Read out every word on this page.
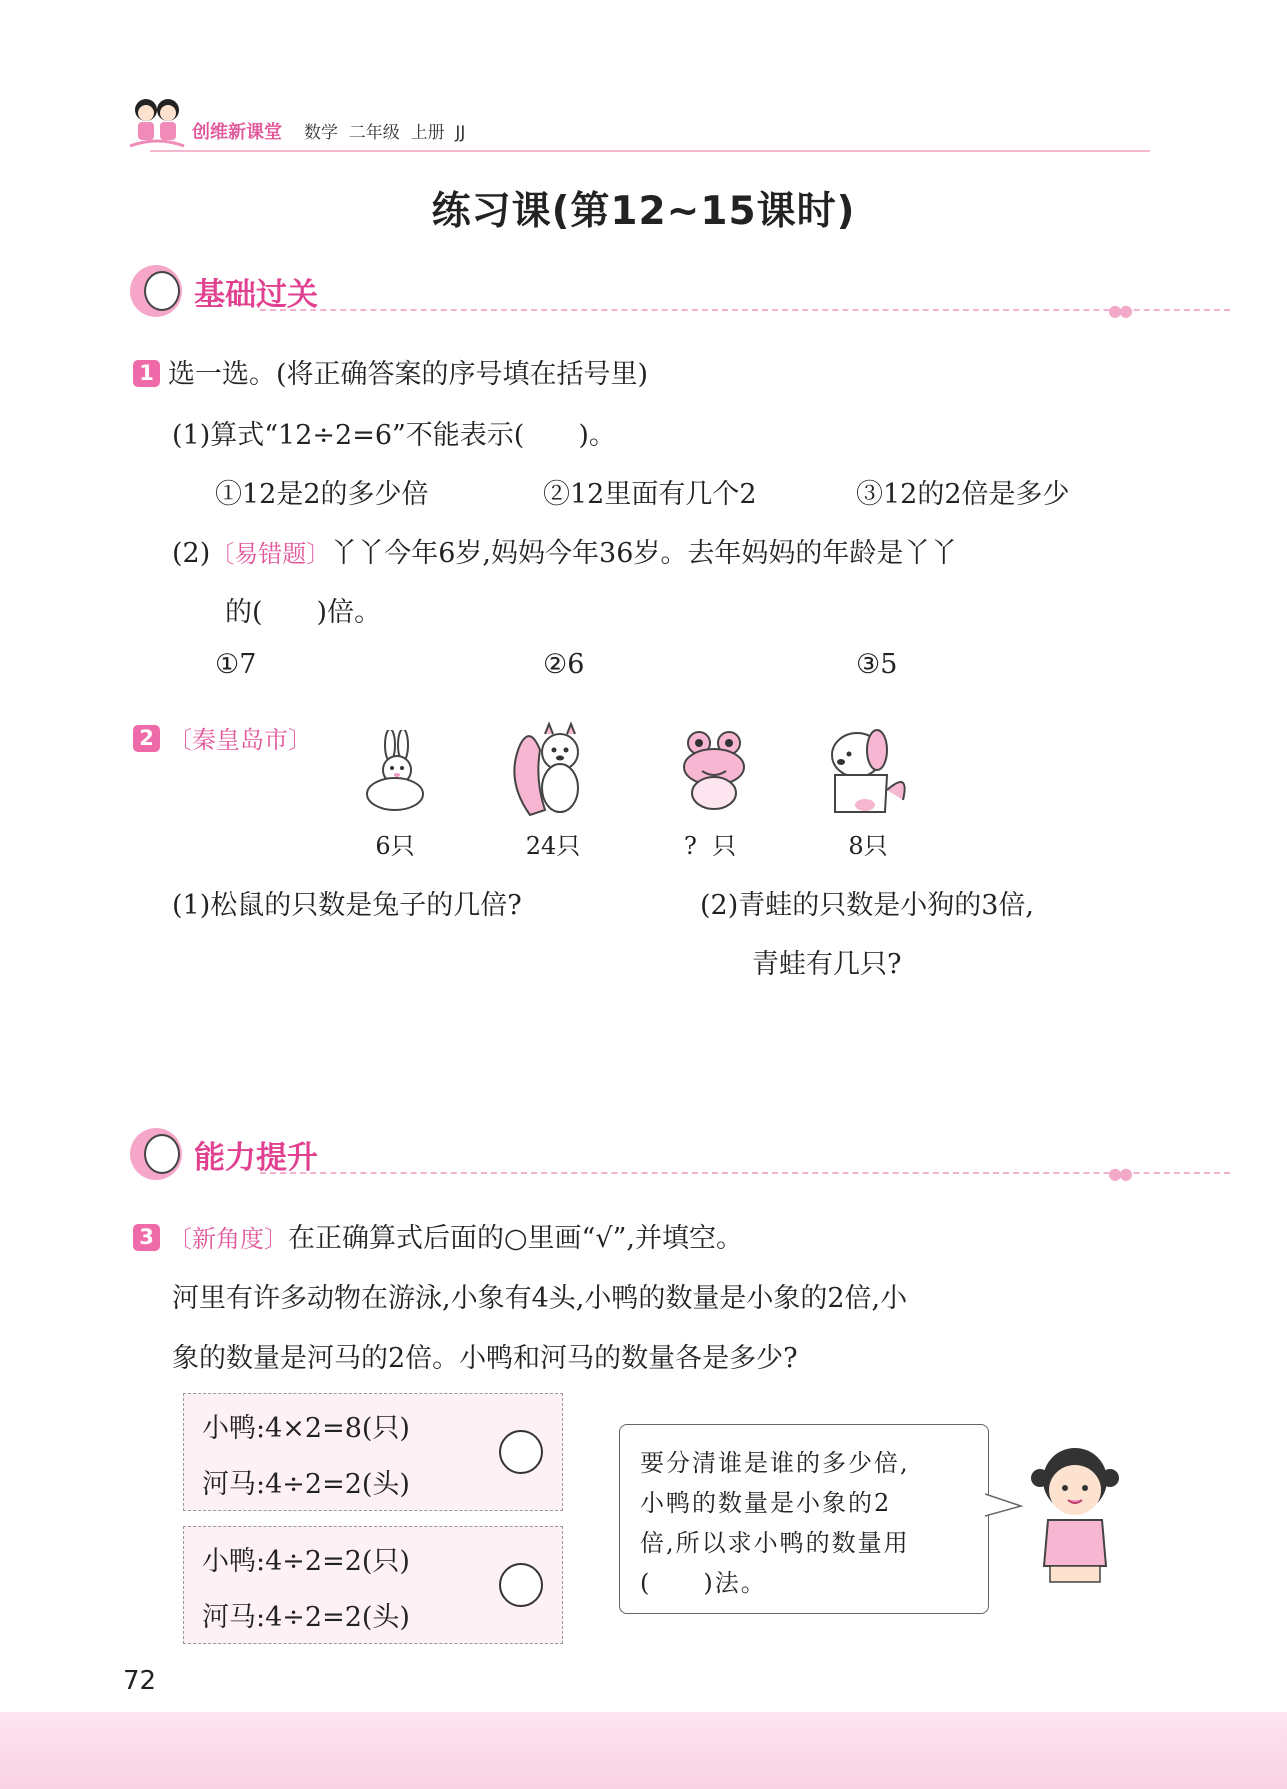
创维新课堂 数学  二年级  上册  JJ
练习课(第12~15课时)
基础过关	●●
1 选一选。(将正确答案的序号填在括号里)
(1)算式“12÷2=6”不能表示(　　)。
①12是2的多少倍	②12里面有几个2	③12的2倍是多少
(2)〔易错题〕丫丫今年6岁,妈妈今年36岁。去年妈妈的年龄是丫丫
的(　　)倍。
①7	②6	③5
2 〔秦皇岛市〕
6只	24只	?  只	8只
(1)松鼠的只数是兔子的几倍?	(2)青蛙的只数是小狗的3倍,
青蛙有几只?
能力提升	●●
3 〔新角度〕在正确算式后面的○里画“√”,并填空。
河里有许多动物在游泳,小象有4头,小鸭的数量是小象的2倍,小
象的数量是河马的2倍。小鸭和河马的数量各是多少?
小鸭:4×2=8(只)
河马:4÷2=2(头)
小鸭:4÷2=2(只)
河马:4÷2=2(头)
要分清谁是谁的多少倍,
小鸭的数量是小象的2
倍,所以求小鸭的数量用
(　　)法。
72
